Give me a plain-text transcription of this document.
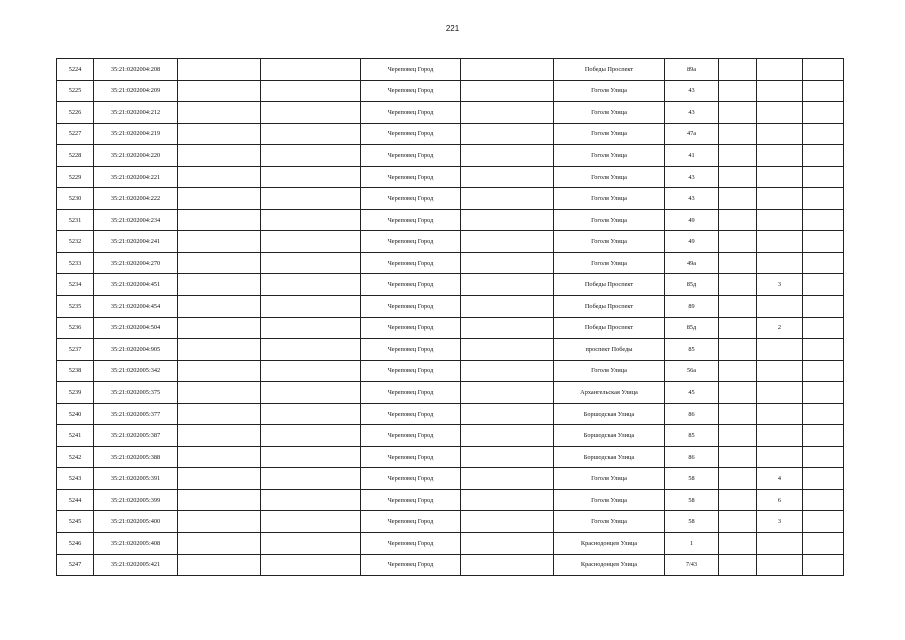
221
5224	35:21:0202004:208			Череповец Город		Победы Проспект	89а			
5225	35:21:0202004:209			Череповец Город		Гоголя Улица	43			
5226	35:21:0202004:212			Череповец Город		Гоголя Улица	43			
5227	35:21:0202004:219			Череповец Город		Гоголя Улица	47а			
5228	35:21:0202004:220			Череповец Город		Гоголя Улица	41			
5229	35:21:0202004:221			Череповец Город		Гоголя Улица	43			
5230	35:21:0202004:222			Череповец Город		Гоголя Улица	43			
5231	35:21:0202004:234			Череповец Город		Гоголя Улица	49			
5232	35:21:0202004:241			Череповец Город		Гоголя Улица	49			
5233	35:21:0202004:270			Череповец Город		Гоголя Улица	49а			
5234	35:21:0202004:451			Череповец Город		Победы Проспект	85д		3	
5235	35:21:0202004:454			Череповец Город		Победы Проспект	89			
5236	35:21:0202004:504			Череповец Город		Победы Проспект	85д		2	
5237	35:21:0202004:905			Череповец Город		проспект Победы	85			
5238	35:21:0202005:342			Череповец Город		Гоголя Улица	56а			
5239	35:21:0202005:375			Череповец Город		Архангельская Улица	45			
5240	35:21:0202005:377			Череповец Город		Боршодская Улица	86			
5241	35:21:0202005:387			Череповец Город		Боршодская Улица	85			
5242	35:21:0202005:388			Череповец Город		Боршодская Улица	86			
5243	35:21:0202005:391			Череповец Город		Гоголя Улица	58		4	
5244	35:21:0202005:399			Череповец Город		Гоголя Улица	58		6	
5245	35:21:0202005:400			Череповец Город		Гоголя Улица	58		3	
5246	35:21:0202005:408			Череповец Город		Краснодонцев Улица	1			
5247	35:21:0202005:421			Череповец Город		Краснодонцев Улица	7/43			
